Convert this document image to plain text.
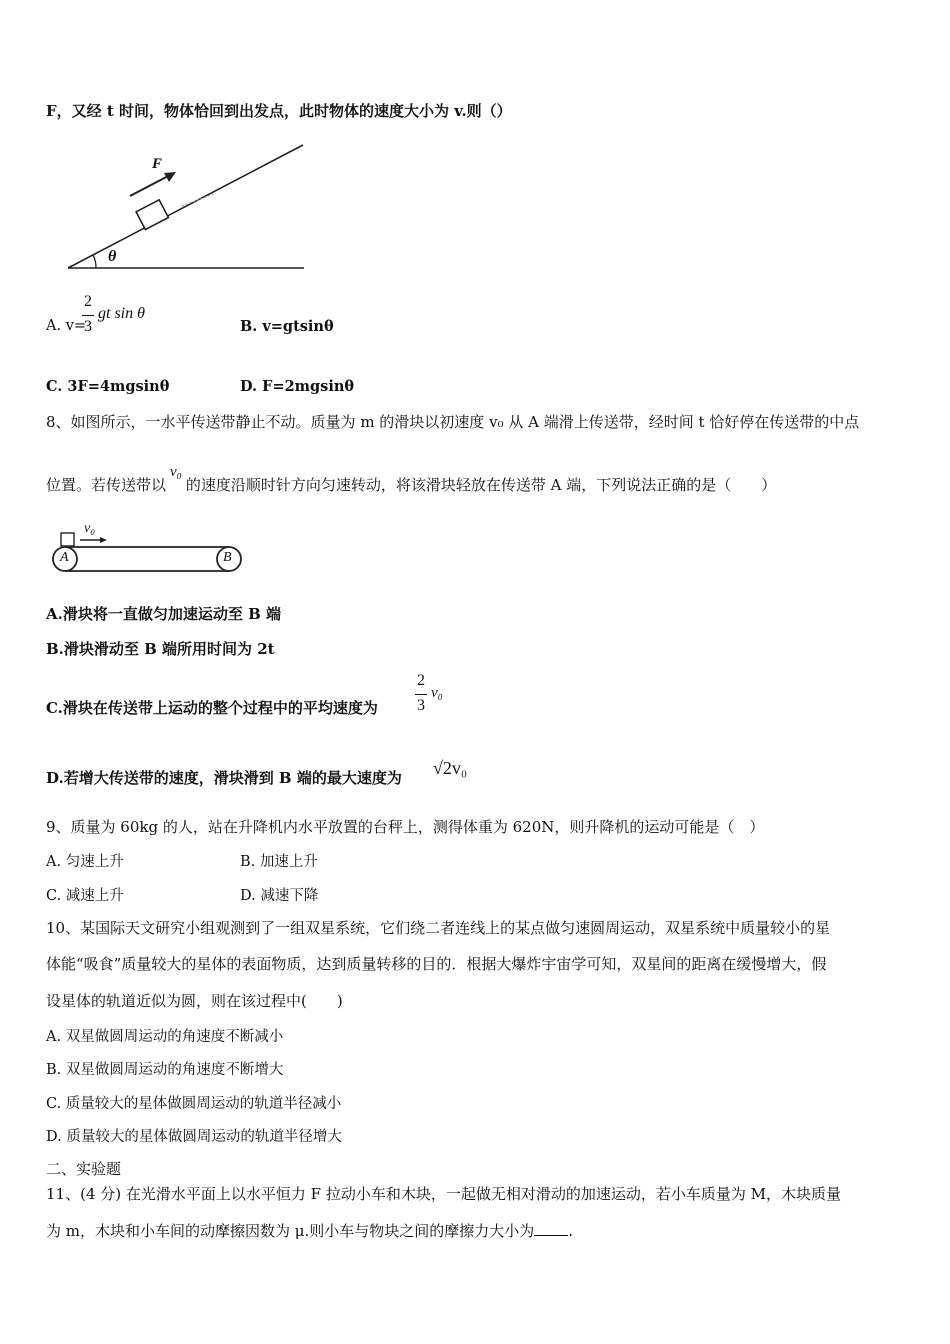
F，又经 t 时间，物体恰回到出发点，此时物体的速度大小为 v.则（）
F
θ
A. v=
2
3
gt sin θ
B. v=gtsinθ
C. 3F=4mgsinθ	D. F=2mgsinθ
8、如图所示，一水平传送带静止不动。质量为 m 的滑块以初速度 v₀ 从 A 端滑上传送带，经时间 t 恰好停在传送带的中点
位置。若传送带以v₀的速度沿顺时针方向匀速转动，将该滑块轻放在传送带 A 端，下列说法正确的是（　　）
v₀
A	B
A.滑块将一直做匀加速运动至 B 端
B.滑块滑动至 B 端所用时间为 2t
C.滑块在传送带上运动的整个过程中的平均速度为
2
3
v₀
D.若增大传送带的速度，滑块滑到 B 端的最大速度为 √2v₀
9、质量为 60kg 的人，站在升降机内水平放置的台秤上，测得体重为 620N，则升降机的运动可能是（　）
A. 匀速上升	B. 加速上升
C. 减速上升	D. 减速下降
10、某国际天文研究小组观测到了一组双星系统，它们绕二者连线上的某点做匀速圆周运动，双星系统中质量较小的星
体能“吸食”质量较大的星体的表面物质，达到质量转移的目的．根据大爆炸宇宙学可知，双星间的距离在缓慢增大，假
设星体的轨道近似为圆，则在该过程中(　　)
A. 双星做圆周运动的角速度不断减小
B. 双星做圆周运动的角速度不断增大
C. 质量较大的星体做圆周运动的轨道半径减小
D. 质量较大的星体做圆周运动的轨道半径增大
二、实验题
11、(4 分) 在光滑水平面上以水平恒力 F 拉动小车和木块，一起做无相对滑动的加速运动，若小车质量为 M，木块质量
为 m，木块和小车间的动摩擦因数为 μ.则小车与物块之间的摩擦力大小为 .
